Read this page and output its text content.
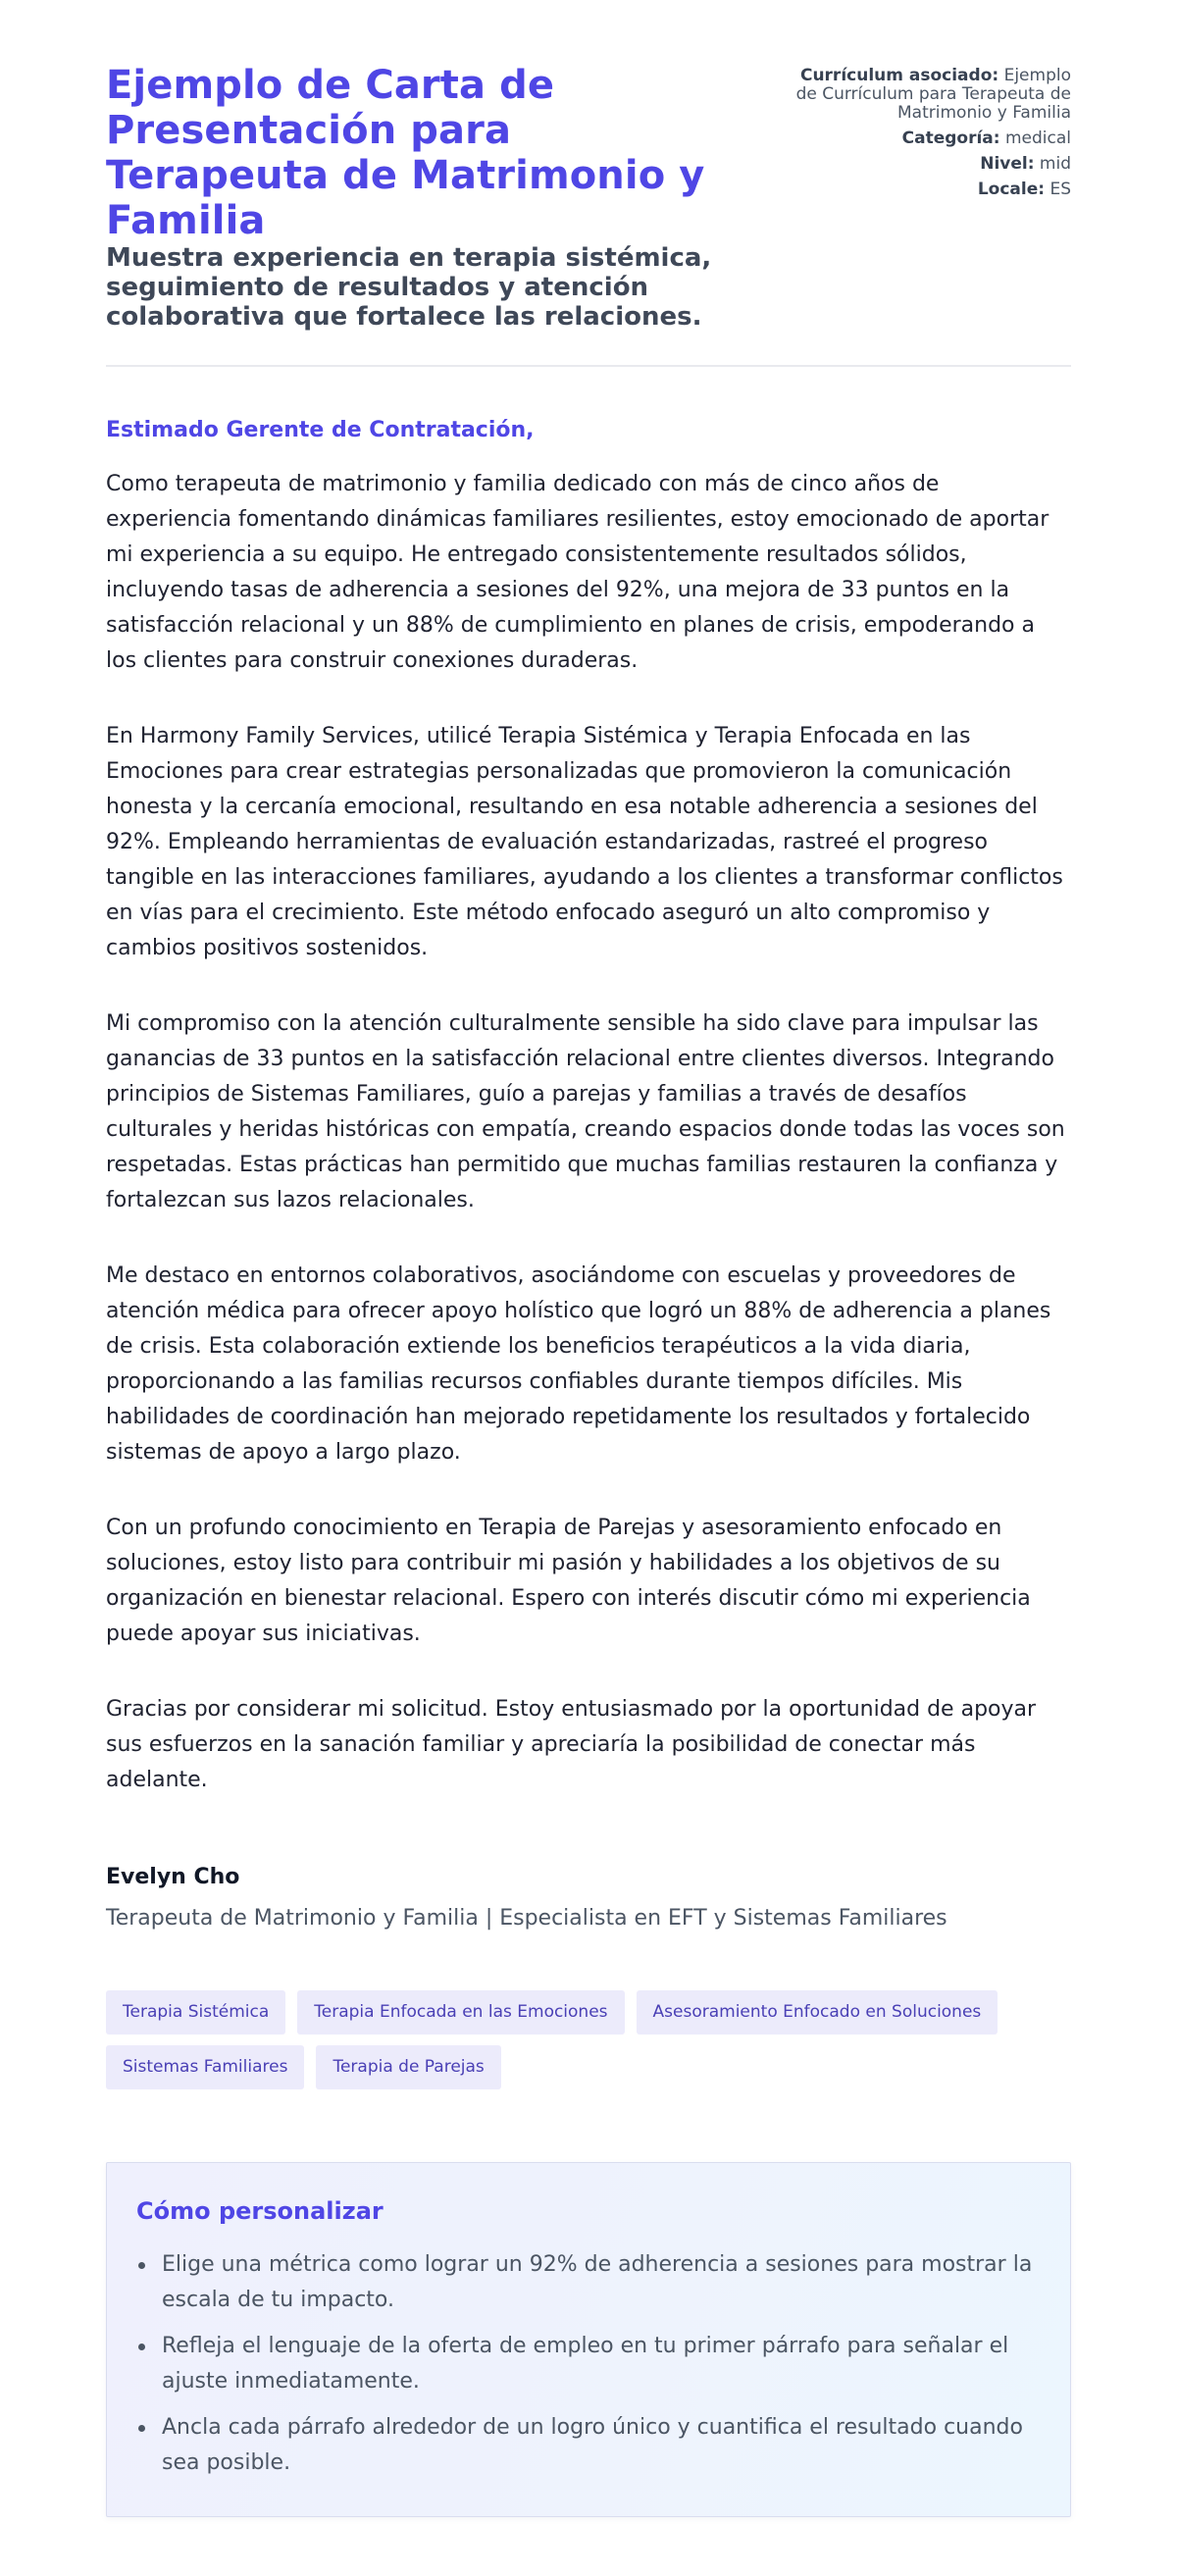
Ejemplo de Carta de Presentación para Terapeuta de Matrimonio y Familia
Muestra experiencia en terapia sistémica, seguimiento de resultados y atención colaborativa que fortalece las relaciones.
Currículum asociado: Ejemplo de Currículum para Terapeuta de Matrimonio y Familia
Categoría: medical
Nivel: mid
Locale: ES

Estimado Gerente de Contratación,

Como terapeuta de matrimonio y familia dedicado con más de cinco años de experiencia fomentando dinámicas familiares resilientes, estoy emocionado de aportar mi experiencia a su equipo. He entregado consistentemente resultados sólidos, incluyendo tasas de adherencia a sesiones del 92%, una mejora de 33 puntos en la satisfacción relacional y un 88% de cumplimiento en planes de crisis, empoderando a los clientes para construir conexiones duraderas.

En Harmony Family Services, utilicé Terapia Sistémica y Terapia Enfocada en las Emociones para crear estrategias personalizadas que promovieron la comunicación honesta y la cercanía emocional, resultando en esa notable adherencia a sesiones del 92%. Empleando herramientas de evaluación estandarizadas, rastreé el progreso tangible en las interacciones familiares, ayudando a los clientes a transformar conflictos en vías para el crecimiento. Este método enfocado aseguró un alto compromiso y cambios positivos sostenidos.

Mi compromiso con la atención culturalmente sensible ha sido clave para impulsar las ganancias de 33 puntos en la satisfacción relacional entre clientes diversos. Integrando principios de Sistemas Familiares, guío a parejas y familias a través de desafíos culturales y heridas históricas con empatía, creando espacios donde todas las voces son respetadas. Estas prácticas han permitido que muchas familias restauren la confianza y fortalezcan sus lazos relacionales.

Me destaco en entornos colaborativos, asociándome con escuelas y proveedores de atención médica para ofrecer apoyo holístico que logró un 88% de adherencia a planes de crisis. Esta colaboración extiende los beneficios terapéuticos a la vida diaria, proporcionando a las familias recursos confiables durante tiempos difíciles. Mis habilidades de coordinación han mejorado repetidamente los resultados y fortalecido sistemas de apoyo a largo plazo.

Con un profundo conocimiento en Terapia de Parejas y asesoramiento enfocado en soluciones, estoy listo para contribuir mi pasión y habilidades a los objetivos de su organización en bienestar relacional. Espero con interés discutir cómo mi experiencia puede apoyar sus iniciativas.

Gracias por considerar mi solicitud. Estoy entusiasmado por la oportunidad de apoyar sus esfuerzos en la sanación familiar y apreciaría la posibilidad de conectar más adelante.

Evelyn Cho
Terapeuta de Matrimonio y Familia | Especialista en EFT y Sistemas Familiares
Terapia Sistémica	Terapia Enfocada en las Emociones	Asesoramiento Enfocado en Soluciones
Sistemas Familiares	Terapia de Parejas
Cómo personalizar
Elige una métrica como lograr un 92% de adherencia a sesiones para mostrar la escala de tu impacto.
Refleja el lenguaje de la oferta de empleo en tu primer párrafo para señalar el ajuste inmediatamente.
Ancla cada párrafo alrededor de un logro único y cuantifica el resultado cuando sea posible.
